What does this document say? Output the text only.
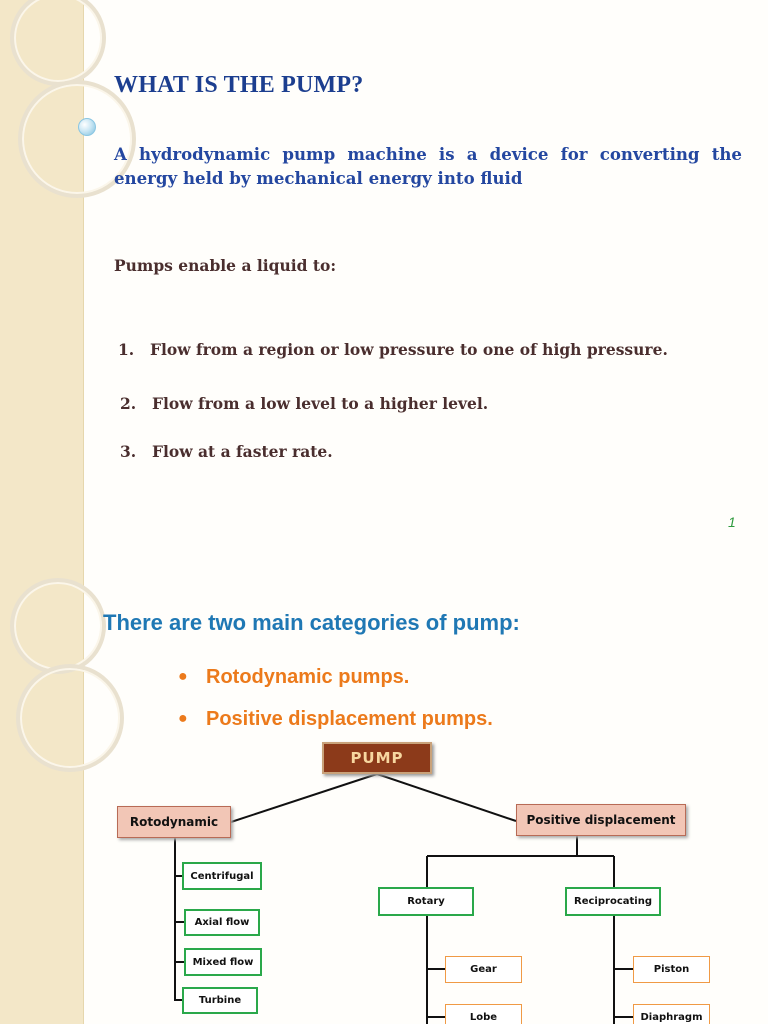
WHAT IS THE PUMP?
A hydrodynamic pump machine is a device for converting the energy held by mechanical energy into fluid
Pumps enable a liquid to:
1. Flow from a region or low pressure to one of high pressure.
2. Flow from a low level to a higher level.
3. Flow at a faster rate.
1
There are two main categories of pump:
● Rotodynamic pumps.
● Positive displacement pumps.
PUMP
Rotodynamic	Positive displacement
Centrifugal
Axial flow
Mixed flow
Turbine
Rotary	Reciprocating
Gear
Lobe
Piston
Diaphragm
